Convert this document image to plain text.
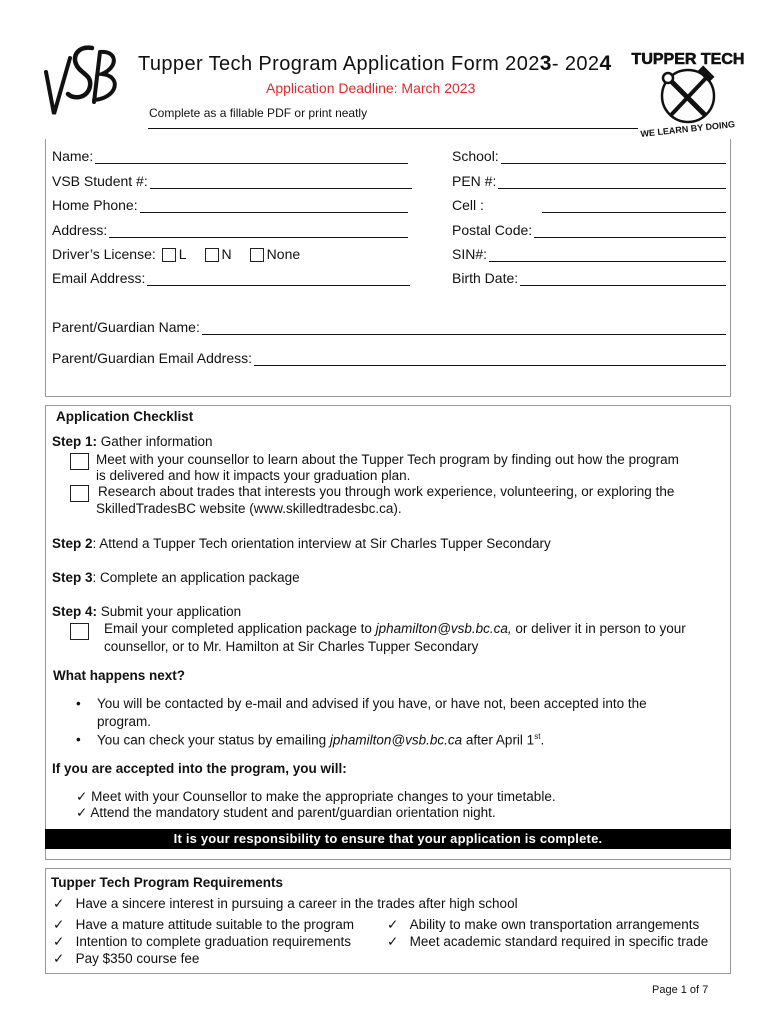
VSB
Tupper Tech Program Application Form 2023- 2024
Application Deadline: March 2023
Complete as a fillable PDF or print neatly
TUPPER TECH
WE LEARN BY DOING
Name:	School:
VSB Student #:	PEN #:
Home Phone:	Cell :
Address:	Postal Code:
Driver’s License: L	N	None	SIN#:
Email Address:	Birth Date:
Parent/Guardian Name:
Parent/Guardian Email Address:
Application Checklist
Step 1: Gather information
Meet with your counsellor to learn about the Tupper Tech program by finding out how the program
is delivered and how it impacts your graduation plan.
Research about trades that interests you through work experience, volunteering, or exploring the
SkilledTradesBC website (www.skilledtradesbc.ca).
Step 2: Attend a Tupper Tech orientation interview at Sir Charles Tupper Secondary
Step 3: Complete an application package
Step 4: Submit your application
Email your completed application package to jphamilton@vsb.bc.ca, or deliver it in person to your
counsellor, or to Mr. Hamilton at Sir Charles Tupper Secondary
What happens next?
• You will be contacted by e-mail and advised if you have, or have not, been accepted into the
program.
• You can check your status by emailing jphamilton@vsb.bc.ca after April 1st.
If you are accepted into the program, you will:
✓ Meet with your Counsellor to make the appropriate changes to your timetable.
✓ Attend the mandatory student and parent/guardian orientation night.
It is your responsibility to ensure that your application is complete.
Tupper Tech Program Requirements
✓ Have a sincere interest in pursuing a career in the trades after high school
✓ Have a mature attitude suitable to the program
✓ Intention to complete graduation requirements
✓ Pay $350 course fee
✓ Ability to make own transportation arrangements
✓ Meet academic standard required in specific trade
Page 1 of 7
